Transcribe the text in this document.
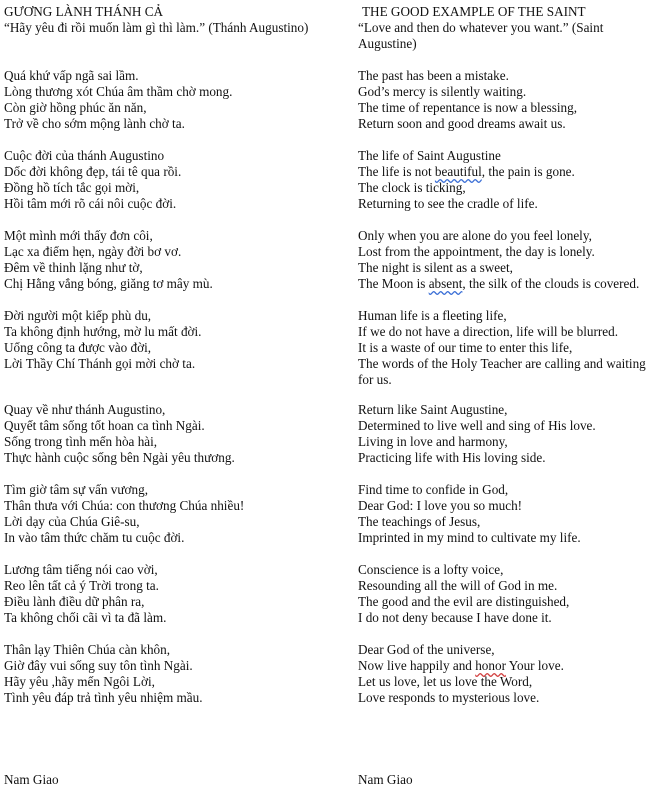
GƯƠNG LÀNH THÁNH CẢ
“Hãy yêu đi rồi muốn làm gì thì làm.” (Thánh Augustino)
Quá khứ vấp ngã sai lầm.
Lòng thương xót Chúa âm thầm chờ mong.
Còn giờ hồng phúc ăn năn,
Trở về cho sớm mộng lành chờ ta.
Cuộc đời của thánh Augustino
Dốc đời không đẹp, tái tê qua rồi.
Đồng hồ tích tắc gọi mời,
Hồi tâm mới rõ cái nôi cuộc đời.
Một mình mới thấy đơn côi,
Lạc xa điểm hẹn, ngày đời bơ vơ.
Đêm về thinh lặng như tờ,
Chị Hằng vắng bóng, giăng tơ mây mù.
Đời người một kiếp phù du,
Ta không định hướng, mờ lu mất đời.
Uổng công ta được vào đời,
Lời Thầy Chí Thánh gọi mời chờ ta.
Quay về như thánh Augustino,
Quyết tâm sống tốt hoan ca tình Ngài.
Sống trong tình mến hòa hài,
Thực hành cuộc sống bên Ngài yêu thương.
Tìm giờ tâm sự vấn vương,
Thân thưa với Chúa: con thương Chúa nhiều!
Lời dạy của Chúa Giê-su,
In vào tâm thức chăm tu cuộc đời.
Lương tâm tiếng nói cao vời,
Reo lên tất cả ý Trời trong ta.
Điều lành điều dữ phân ra,
Ta không chối cãi vì ta đã làm.
Thân lạy Thiên Chúa càn khôn,
Giờ đây vui sống suy tôn tình Ngài.
Hãy yêu ,hãy mến Ngôi Lời,
Tình yêu đáp trả tình yêu nhiệm mầu.
THE GOOD EXAMPLE OF THE SAINT
“Love and then do whatever you want.” (Saint Augustine)
The past has been a mistake.
God’s mercy is silently waiting.
The time of repentance is now a blessing,
Return soon and good dreams await us.
The life of Saint Augustine
The life is not beautiful, the pain is gone.
The clock is ticking,
Returning to see the cradle of life.
Only when you are alone do you feel lonely,
Lost from the appointment, the day is lonely.
The night is silent as a sweet,
The Moon is absent, the silk of the clouds is covered.
Human life is a fleeting life,
If we do not have a direction, life will be blurred.
It is a waste of our time to enter this life,
The words of the Holy Teacher are calling and waiting for us.
Return like Saint Augustine,
Determined to live well and sing of His love.
Living in love and harmony,
Practicing life with His loving side.
Find time to confide in God,
Dear God: I love you so much!
The teachings of Jesus,
Imprinted in my mind to cultivate my life.
Conscience is a lofty voice,
Resounding all the will of God in me.
The good and the evil are distinguished,
I do not deny because I have done it.
Dear God of the universe,
Now live happily and honor Your love.
Let us love, let us love the Word,
Love responds to mysterious love.
Nam Giao	Nam Giao
